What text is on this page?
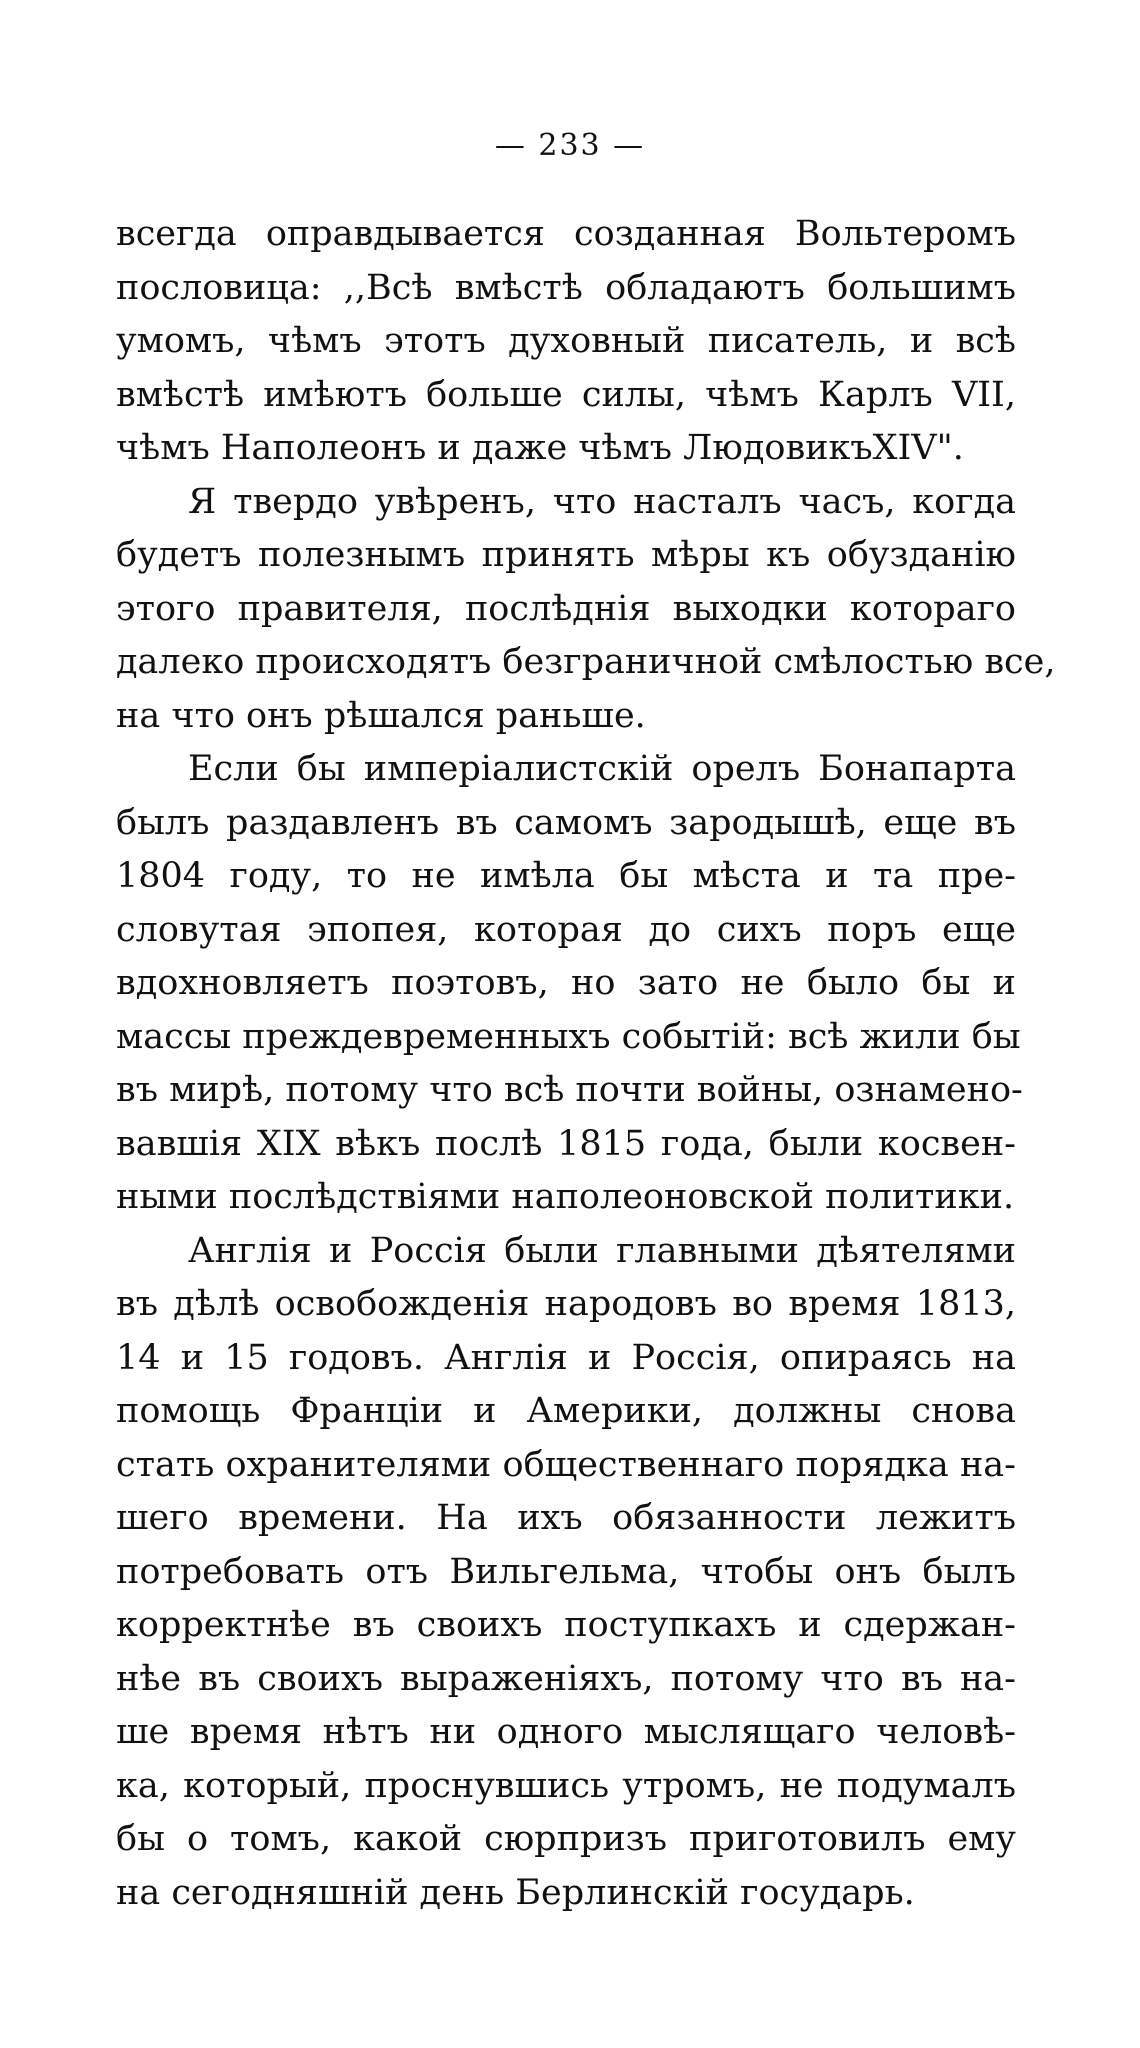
— 233 —

всегда оправдывается созданная Вольтеромъ
пословица: ,,Всѣ вмѣстѣ обладаютъ большимъ
умомъ, чѣмъ этотъ духовный писатель, и всѣ
вмѣстѣ имѣютъ больше силы, чѣмъ Карлъ VII,
чѣмъ Наполеонъ и даже чѣмъ ЛюдовикъXIV".

Я твердо увѣренъ, что насталъ часъ, когда
будетъ полезнымъ принять мѣры къ обузданію
этого правителя, послѣднія выходки котораго
далеко происходятъ безграничной смѣлостью все,
на что онъ рѣшался раньше.

Если бы имперіалистскій орелъ Бонапарта
былъ раздавленъ въ самомъ зародышѣ, еще въ
1804 году, то не имѣла бы мѣста и та пре-
словутая эпопея, которая до сихъ поръ еще
вдохновляетъ поэтовъ, но зато не было бы и
массы преждевременныхъ событій: всѣ жили бы
въ мирѣ, потому что всѣ почти войны, ознамено-
вавшія XIX вѣкъ послѣ 1815 года, были косвен-
ными послѣдствіями наполеоновской политики.

Англія и Россія были главными дѣятелями
въ дѣлѣ освобожденія народовъ во время 1813,
14 и 15 годовъ. Англія и Россія, опираясь на
помощь Франціи и Америки, должны снова
стать охранителями общественнаго порядка на-
шего времени. На ихъ обязанности лежитъ
потребовать отъ Вильгельма, чтобы онъ былъ
корректнѣе въ своихъ поступкахъ и сдержан-
нѣе въ своихъ выраженіяхъ, потому что въ на-
ше время нѣтъ ни одного мыслящаго человѣ-
ка, который, проснувшись утромъ, не подумалъ
бы о томъ, какой сюрпризъ приготовилъ ему
на сегодняшній день Берлинскій государь.
